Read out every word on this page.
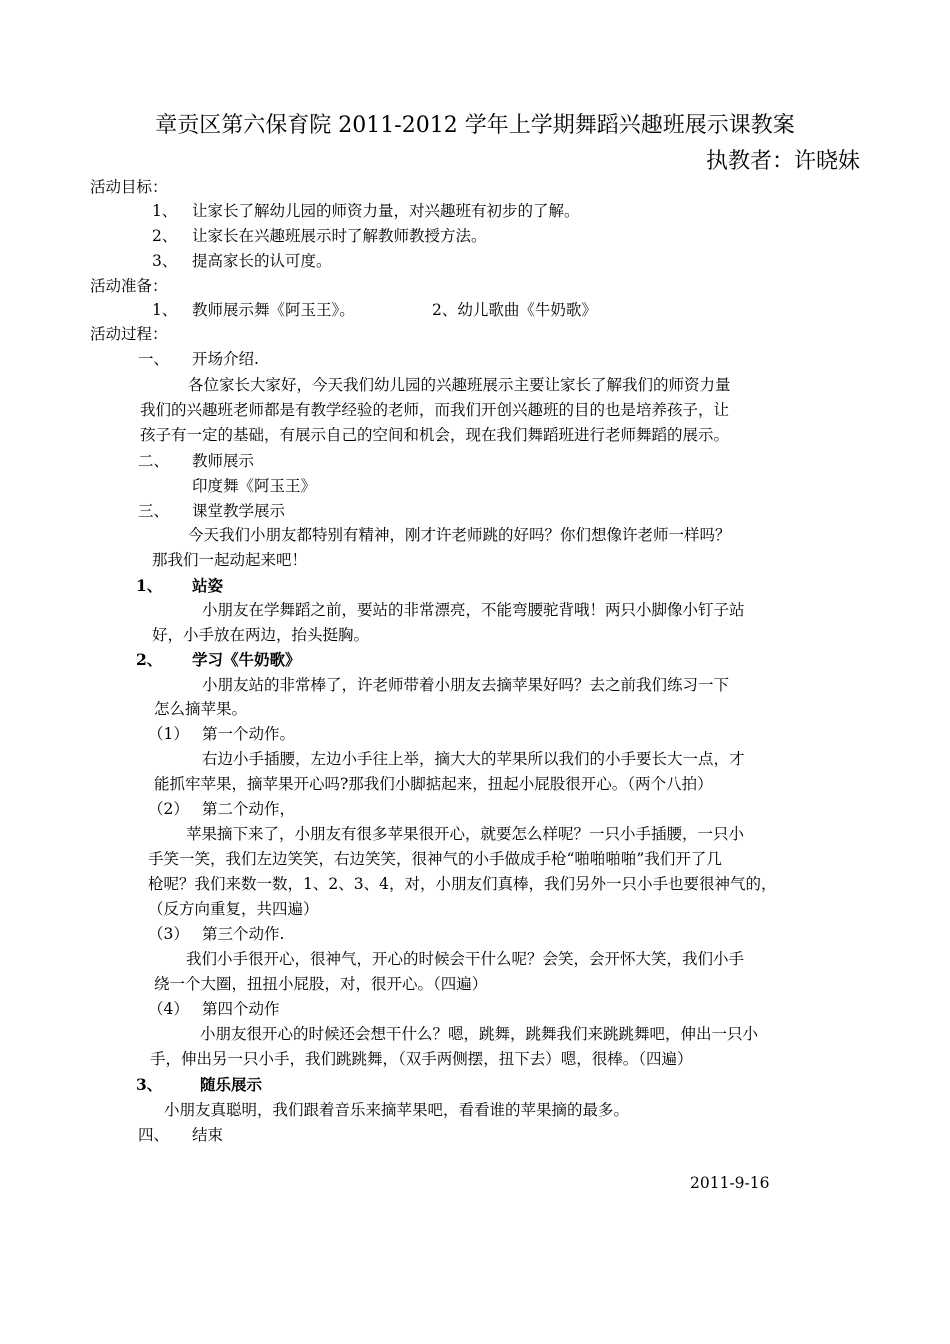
章贡区第六保育院 2011-2012 学年上学期舞蹈兴趣班展示课教案
执教者：许晓妹
活动目标：
1、 让家长了解幼儿园的师资力量，对兴趣班有初步的了解。
2、 让家长在兴趣班展示时了解教师教授方法。
3、 提高家长的认可度。
活动准备：
1、 教师展示舞《阿玉王》。	2、幼儿歌曲《牛奶歌》
活动过程：
一、 开场介绍.
各位家长大家好，今天我们幼儿园的兴趣班展示主要让家长了解我们的师资力量
我们的兴趣班老师都是有教学经验的老师，而我们开创兴趣班的目的也是培养孩子，让
孩子有一定的基础，有展示自己的空间和机会，现在我们舞蹈班进行老师舞蹈的展示。
二、 教师展示
印度舞《阿玉王》
三、 课堂教学展示
今天我们小朋友都特别有精神，刚才许老师跳的好吗？你们想像许老师一样吗？
那我们一起动起来吧！
1、 站姿
小朋友在学舞蹈之前，要站的非常漂亮，不能弯腰驼背哦！两只小脚像小钉子站
好，小手放在两边，抬头挺胸。
2、 学习《牛奶歌》
小朋友站的非常棒了，许老师带着小朋友去摘苹果好吗？去之前我们练习一下
怎么摘苹果。
（1） 第一个动作。
右边小手插腰，左边小手往上举，摘大大的苹果所以我们的小手要长大一点，才
能抓牢苹果，摘苹果开心吗?那我们小脚掂起来，扭起小屁股很开心。（两个八拍）
（2） 第二个动作，
苹果摘下来了，小朋友有很多苹果很开心，就要怎么样呢？一只小手插腰，一只小
手笑一笑，我们左边笑笑，右边笑笑，很神气的小手做成手枪“啪啪啪啪”我们开了几
枪呢？我们来数一数，1、2、3、4，对，小朋友们真棒，我们另外一只小手也要很神气的，
（反方向重复，共四遍）
（3） 第三个动作.
我们小手很开心，很神气，开心的时候会干什么呢？会笑，会开怀大笑，我们小手
绕一个大圈，扭扭小屁股，对，很开心。（四遍）
（4） 第四个动作
小朋友很开心的时候还会想干什么？嗯，跳舞，跳舞我们来跳跳舞吧，伸出一只小
手，伸出另一只小手，我们跳跳舞，（双手两侧摆，扭下去）嗯，很棒。（四遍）
3、 随乐展示
小朋友真聪明，我们跟着音乐来摘苹果吧，看看谁的苹果摘的最多。
四、 结束
2011-9-16
